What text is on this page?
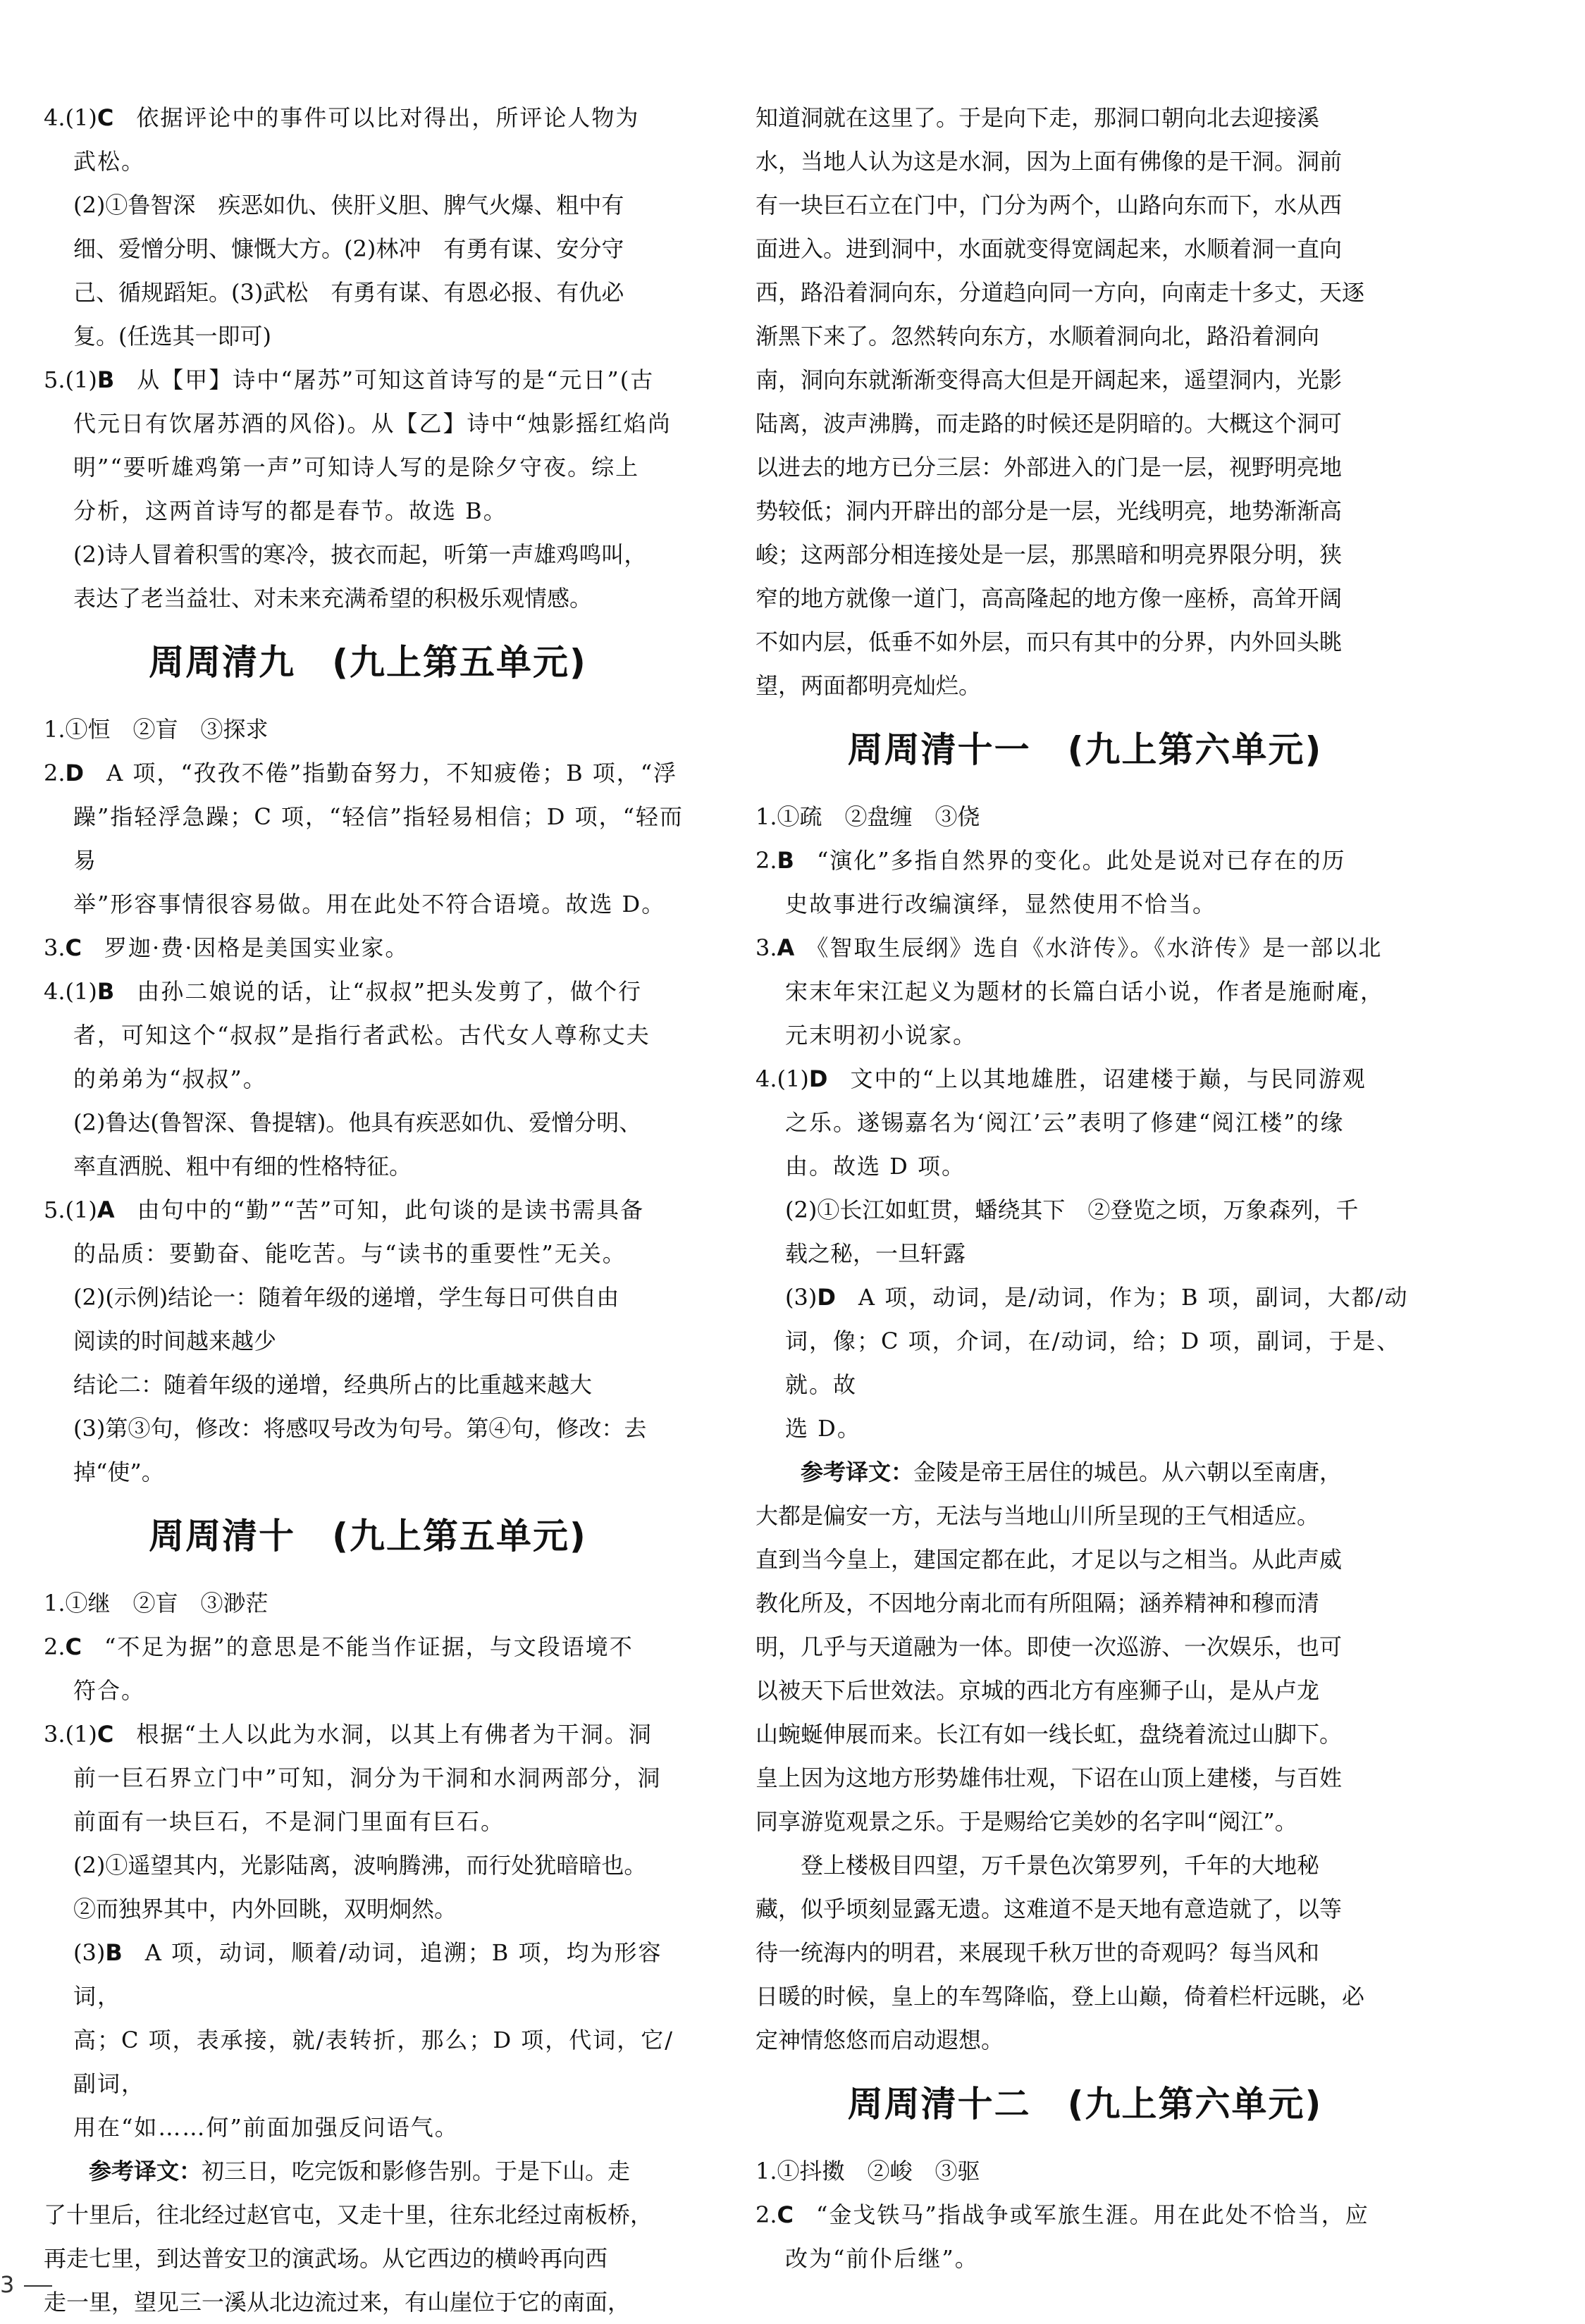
4.(1)C　 依据评论中的事件可以比对得出，所评论人物为

武松。

(2)①鲁智深　疾恶如仇、侠肝义胆、脾气火爆、粗中有

细、爱憎分明、慷慨大方。(2)林冲　有勇有谋、安分守

己、循规蹈矩。(3)武松　有勇有谋、有恩必报、有仇必

复。(任选其一即可)

5.(1)B　 从【甲】诗中“屠苏”可知这首诗写的是“元日”(古

代元日有饮屠苏酒的风俗)。从【乙】诗中“烛影摇红焰尚

明”“要听雄鸡第一声”可知诗人写的是除夕守夜。综上

分析，这两首诗写的都是春节。故选 B。

(2)诗人冒着积雪的寒冷，披衣而起，听第一声雄鸡鸣叫，

表达了老当益壮、对未来充满希望的积极乐观情感。

周周清九　(九上第五单元)

1.①恒　②盲　③探求

2.D　 A 项，“孜孜不倦”指勤奋努力，不知疲倦；B 项，“浮

躁”指轻浮急躁；C 项，“轻信”指轻易相信；D 项，“轻而易

举”形容事情很容易做。用在此处不符合语境。故选 D。

3.C　 罗迦·费·因格是美国实业家。

4.(1)B　 由孙二娘说的话，让“叔叔”把头发剪了，做个行

者，可知这个“叔叔”是指行者武松。古代女人尊称丈夫

的弟弟为“叔叔”。

(2)鲁达(鲁智深、鲁提辖)。他具有疾恶如仇、爱憎分明、

率直洒脱、粗中有细的性格特征。

5.(1)A　 由句中的“勤”“苦”可知，此句谈的是读书需具备

的品质：要勤奋、能吃苦。与“读书的重要性”无关。

(2)(示例)结论一：随着年级的递增，学生每日可供自由

阅读的时间越来越少

结论二：随着年级的递增，经典所占的比重越来越大

(3)第③句，修改：将感叹号改为句号。第④句，修改：去

掉“使”。

周周清十　(九上第五单元)

1.①继　②盲　③渺茫

2.C　 “不足为据”的意思是不能当作证据，与文段语境不

符合。

3.(1)C　 根据“土人以此为水洞，以其上有佛者为干洞。洞

前一巨石界立门中”可知，洞分为干洞和水洞两部分，洞

前面有一块巨石，不是洞门里面有巨石。

(2)①遥望其内，光影陆离，波响腾沸，而行处犹暗暗也。

②而独界其中，内外回眺，双明炯然。

(3)B　 A 项，动词，顺着/动词，追溯；B 项，均为形容词，

高；C 项，表承接，就/表转折，那么；D 项，代词，它/副词，

用在“如……何”前面加强反问语气。

参考译文：初三日，吃完饭和影修告别。于是下山。走

了十里后，往北经过赵官屯，又走十里，往东北经过南板桥，

再走七里，到达普安卫的演武场。从它西边的横岭再向西

走一里，望见三一溪从北边流过来，有山崖位于它的南面，

知道洞就在这里了。于是向下走，那洞口朝向北去迎接溪

水，当地人认为这是水洞，因为上面有佛像的是干洞。洞前

有一块巨石立在门中，门分为两个，山路向东而下，水从西

面进入。进到洞中，水面就变得宽阔起来，水顺着洞一直向

西，路沿着洞向东，分道趋向同一方向，向南走十多丈，天逐

渐黑下来了。忽然转向东方，水顺着洞向北，路沿着洞向

南，洞向东就渐渐变得高大但是开阔起来，遥望洞内，光影

陆离，波声沸腾，而走路的时候还是阴暗的。大概这个洞可

以进去的地方已分三层：外部进入的门是一层，视野明亮地

势较低；洞内开辟出的部分是一层，光线明亮，地势渐渐高

峻；这两部分相连接处是一层，那黑暗和明亮界限分明，狭

窄的地方就像一道门，高高隆起的地方像一座桥，高耸开阔

不如内层，低垂不如外层，而只有其中的分界，内外回头眺

望，两面都明亮灿烂。

周周清十一　(九上第六单元)

1.①疏　②盘缠　③侥

2.B　 “演化”多指自然界的变化。此处是说对已存在的历

史故事进行改编演绎，显然使用不恰当。

3.A　 《智取生辰纲》选自《水浒传》。《水浒传》是一部以北

宋末年宋江起义为题材的长篇白话小说，作者是施耐庵，

元末明初小说家。

4.(1)D　 文中的“上以其地雄胜，诏建楼于巅，与民同游观

之乐。遂锡嘉名为‘阅江’云”表明了修建“阅江楼”的缘

由。故选 D 项。

(2)①长江如虹贯，蟠绕其下　②登览之顷，万象森列，千

载之秘，一旦轩露

(3)D　 A 项，动词，是/动词，作为；B 项，副词，大都/动

词，像；C 项，介词，在/动词，给；D 项，副词，于是、就。故

选 D。

参考译文：金陵是帝王居住的城邑。从六朝以至南唐，

大都是偏安一方，无法与当地山川所呈现的王气相适应。

直到当今皇上，建国定都在此，才足以与之相当。从此声威

教化所及，不因地分南北而有所阻隔；涵养精神和穆而清

明，几乎与天道融为一体。即使一次巡游、一次娱乐，也可

以被天下后世效法。京城的西北方有座狮子山，是从卢龙

山蜿蜒伸展而来。长江有如一线长虹，盘绕着流过山脚下。

皇上因为这地方形势雄伟壮观，下诏在山顶上建楼，与百姓

同享游览观景之乐。于是赐给它美妙的名字叫“阅江”。

登上楼极目四望，万千景色次第罗列，千年的大地秘

藏，似乎顷刻显露无遗。这难道不是天地有意造就了，以等

待一统海内的明君，来展现千秋万世的奇观吗？每当风和

日暖的时候，皇上的车驾降临，登上山巅，倚着栏杆远眺，必

定神情悠悠而启动遐想。

周周清十二　(九上第六单元)

1.①抖擞　②峻　③驱

2.C　 “金戈铁马”指战争或军旅生涯。用在此处不恰当，应

改为“前仆后继”。

3
